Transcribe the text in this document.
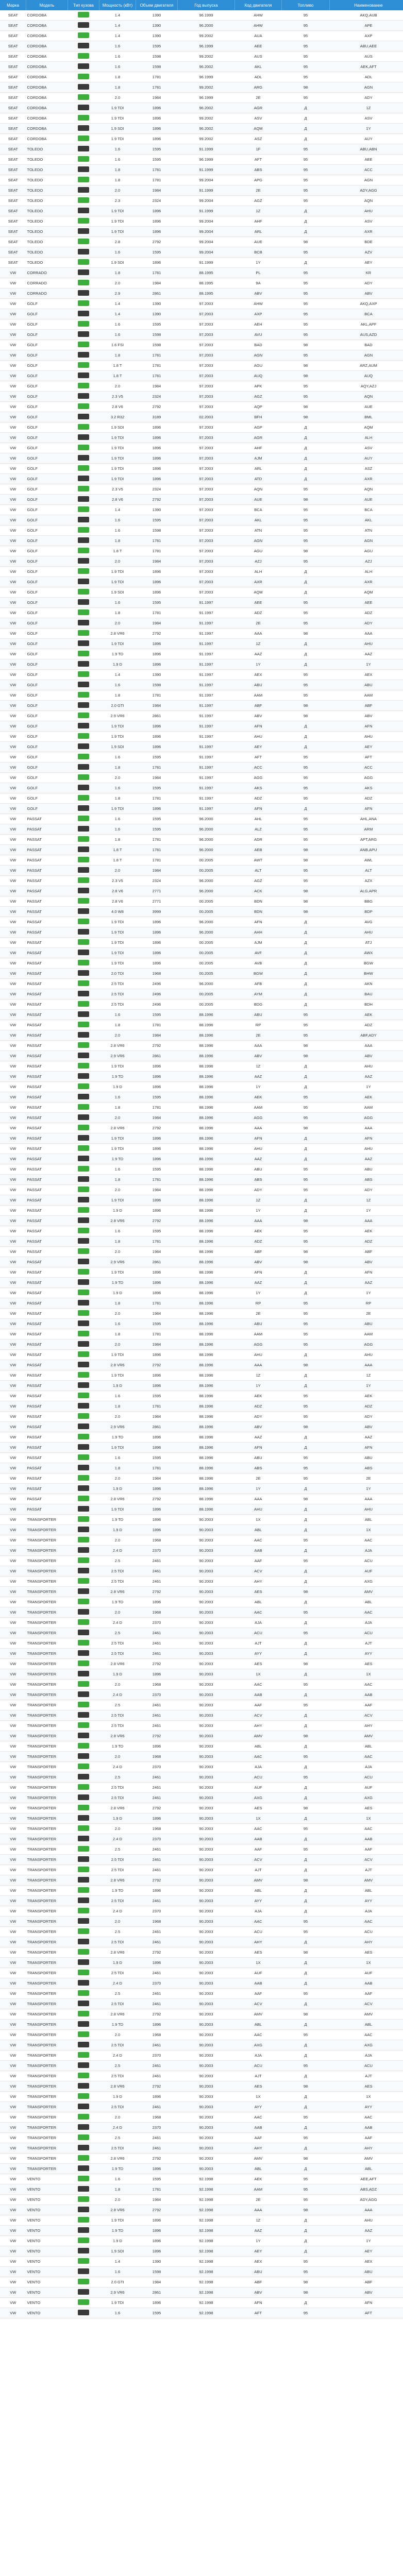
Марка	Модель	Тип кузова	Мощность (кВт)	Объем двигателя	Год выпуска	Код двигателя	Топливо	Наименование
SEAT	CORDOBA		1.4	1390	96.1999	AHW	95	AKQ,AUB
SEAT	CORDOBA		1.4	1390	96.2000	AHW	95	APE
SEAT	CORDOBA		1.4	1390	99.2002	AUA	95	AXP
SEAT	CORDOBA		1.6	1595	96.1999	AEE	95	ABU,AEE
SEAT	CORDOBA		1.6	1598	99.2002	AUS	95	AUS
SEAT	CORDOBA		1.6	1598	96.2002	AKL	95	AEK,AFT
SEAT	CORDOBA		1.8	1781	96.1999	ADL	95	ADL
SEAT	CORDOBA		1.8	1781	99.2002	ARG	98	AGN
SEAT	CORDOBA		2.0	1984	96.1999	2E	95	ADY
SEAT	CORDOBA		1.9 TDI	1896	96.2002	AGR	Д	1Z
SEAT	CORDOBA		1.9 TDI	1896	99.2002	ASV	Д	ASV
SEAT	CORDOBA		1.9 SDI	1896	96.2002	AQM	Д	1Y
SEAT	CORDOBA		1.9 TDI	1896	99.2002	ASZ	Д	AUY
SEAT	TOLEDO		1.6	1595	91.1999	1F	95	ABU,ABN
SEAT	TOLEDO		1.6	1595	96.1999	AFT	95	AEE
SEAT	TOLEDO		1.8	1781	91.1999	ABS	95	ACC
SEAT	TOLEDO		1.8	1781	99.2004	APG	95	AGN
SEAT	TOLEDO		2.0	1984	91.1999	2E	95	ADY,AGG
SEAT	TOLEDO		2.3	2324	99.2004	AGZ	95	AQN
SEAT	TOLEDO		1.9 TDI	1896	91.1999	1Z	Д	AHU
SEAT	TOLEDO		1.9 TDI	1896	99.2004	AHF	Д	ASV
SEAT	TOLEDO		1.9 TDI	1896	99.2004	ARL	Д	AXR
SEAT	TOLEDO		2.8	2792	99.2004	AUE	98	BDE
SEAT	TOLEDO		1.6	1595	99.2004	BCB	95	AZV
SEAT	TOLEDO		1.9 SDI	1896	91.1999	1Y	Д	AEY
VW	CORRADO		1.8	1781	88.1995	PL	95	KR
VW	CORRADO		2.0	1984	88.1995	9A	95	ADY
VW	CORRADO		2.9	2861	88.1995	ABV	95	ABV
VW	GOLF		1.4	1390	97.2003	AHW	95	AKQ,AXP
VW	GOLF		1.4	1390	97.2003	AXP	95	BCA
VW	GOLF		1.6	1595	97.2003	AEH	95	AKL,APF
VW	GOLF		1.6	1598	97.2003	AVU	95	AUS,AZD
VW	GOLF		1.6 FSI	1598	97.2003	BAD	98	BAD
VW	GOLF		1.8	1781	97.2003	AGN	95	AGN
VW	GOLF		1.8 T	1781	97.2003	AGU	98	ARZ,AUM
VW	GOLF		1.8 T	1781	97.2003	AUQ	98	AUQ
VW	GOLF		2.0	1984	97.2003	APK	95	AQY,AZJ
VW	GOLF		2.3 V5	2324	97.2003	AGZ	95	AQN
VW	GOLF		2.8 V6	2792	97.2003	AQP	98	AUE
VW	GOLF		3.2 R32	3189	02.2003	BFH	98	BML
VW	GOLF		1.9 SDI	1896	97.2003	AGP	Д	AQM
VW	GOLF		1.9 TDI	1896	97.2003	AGR	Д	ALH
VW	GOLF		1.9 TDI	1896	97.2003	AHF	Д	ASV
VW	GOLF		1.9 TDI	1896	97.2003	AJM	Д	AUY
VW	GOLF		1.9 TDI	1896	97.2003	ARL	Д	ASZ
VW	GOLF		1.9 TDI	1896	97.2003	ATD	Д	AXR
VW	GOLF		2.3 V5	2324	97.2003	AQN	95	AQN
VW	GOLF		2.8 V6	2792	97.2003	AUE	98	AUE
VW	GOLF		1.4	1390	97.2003	BCA	95	BCA
VW	GOLF		1.6	1595	97.2003	AKL	95	AKL
VW	GOLF		1.6	1598	97.2003	ATN	95	ATN
VW	GOLF		1.8	1781	97.2003	AGN	95	AGN
VW	GOLF		1.8 T	1781	97.2003	AGU	98	AGU
VW	GOLF		2.0	1984	97.2003	AZJ	95	AZJ
VW	GOLF		1.9 TDI	1896	97.2003	ALH	Д	ALH
VW	GOLF		1.9 TDI	1896	97.2003	AXR	Д	AXR
VW	GOLF		1.9 SDI	1896	97.2003	AQM	Д	AQM
VW	GOLF		1.6	1595	91.1997	AEE	95	AEE
VW	GOLF		1.8	1781	91.1997	ADZ	95	ADZ
VW	GOLF		2.0	1984	91.1997	2E	95	ADY
VW	GOLF		2.8 VR6	2792	91.1997	AAA	98	AAA
VW	GOLF		1.9 TDI	1896	91.1997	1Z	Д	AHU
VW	GOLF		1.9 TD	1896	91.1997	AAZ	Д	AAZ
VW	GOLF		1.9 D	1896	91.1997	1Y	Д	1Y
VW	GOLF		1.4	1390	91.1997	AEX	95	AEX
VW	GOLF		1.6	1598	91.1997	ABU	95	ABU
VW	GOLF		1.8	1781	91.1997	AAM	95	AAM
VW	GOLF		2.0 GTI	1984	91.1997	ABF	98	ABF
VW	GOLF		2.9 VR6	2861	91.1997	ABV	98	ABV
VW	GOLF		1.9 TDI	1896	91.1997	AFN	Д	AFN
VW	GOLF		1.9 TDI	1896	91.1997	AHU	Д	AHU
VW	GOLF		1.9 SDI	1896	91.1997	AEY	Д	AEY
VW	GOLF		1.6	1595	91.1997	AFT	95	AFT
VW	GOLF		1.8	1781	91.1997	ACC	95	ACC
VW	GOLF		2.0	1984	91.1997	AGG	95	AGG
VW	GOLF		1.6	1595	91.1997	AKS	95	AKS
VW	GOLF		1.8	1781	91.1997	ADZ	95	ADZ
VW	GOLF		1.9 TDI	1896	91.1997	AFN	Д	AFN
VW	PASSAT		1.6	1595	96.2000	AHL	95	AHL,ANA
VW	PASSAT		1.6	1595	96.2000	ALZ	95	ARM
VW	PASSAT		1.8	1781	96.2000	ADR	95	APT,ARG
VW	PASSAT		1.8 T	1781	96.2000	AEB	98	ANB,APU
VW	PASSAT		1.8 T	1781	00.2005	AWT	98	AWL
VW	PASSAT		2.0	1984	00.2005	ALT	95	ALT
VW	PASSAT		2.3 V5	2324	96.2000	AGZ	95	AZX
VW	PASSAT		2.8 V6	2771	96.2000	ACK	98	ALG,APR
VW	PASSAT		2.8 V6	2771	00.2005	BDN	98	BBG
VW	PASSAT		4.0 W8	3999	00.2005	BDN	98	BDP
VW	PASSAT		1.9 TDI	1896	96.2000	AFN	Д	AVG
VW	PASSAT		1.9 TDI	1896	96.2000	AHH	Д	AHU
VW	PASSAT		1.9 TDI	1896	00.2005	AJM	Д	ATJ
VW	PASSAT		1.9 TDI	1896	00.2005	AVF	Д	AWX
VW	PASSAT		1.9 TDI	1896	00.2005	AVB	Д	BGW
VW	PASSAT		2.0 TDI	1968	00.2005	BGW	Д	BHW
VW	PASSAT		2.5 TDI	2496	96.2000	AFB	Д	AKN
VW	PASSAT		2.5 TDI	2496	00.2005	AYM	Д	BAU
VW	PASSAT		2.5 TDI	2496	00.2005	BDG	Д	BDH
VW	PASSAT		1.6	1595	88.1996	ABU	95	AEK
VW	PASSAT		1.8	1781	88.1996	RP	95	ADZ
VW	PASSAT		2.0	1984	88.1996	2E	95	ABF,ADY
VW	PASSAT		2.8 VR6	2792	88.1996	AAA	98	AAA
VW	PASSAT		2.9 VR6	2861	88.1996	ABV	98	ABV
VW	PASSAT		1.9 TDI	1896	88.1996	1Z	Д	AHU
VW	PASSAT		1.9 TD	1896	88.1996	AAZ	Д	AAZ
VW	PASSAT		1.9 D	1896	88.1996	1Y	Д	1Y
VW	PASSAT		1.6	1595	88.1996	AEK	95	AEK
VW	PASSAT		1.8	1781	88.1996	AAM	95	AAM
VW	PASSAT		2.0	1984	88.1996	AGG	95	AGG
VW	PASSAT		2.8 VR6	2792	88.1996	AAA	98	AAA
VW	PASSAT		1.9 TDI	1896	88.1996	AFN	Д	AFN
VW	PASSAT		1.9 TDI	1896	88.1996	AHU	Д	AHU
VW	PASSAT		1.9 TD	1896	88.1996	AAZ	Д	AAZ
VW	PASSAT		1.6	1595	88.1996	ABU	95	ABU
VW	PASSAT		1.8	1781	88.1996	ABS	95	ABS
VW	PASSAT		2.0	1984	88.1996	ADY	95	ADY
VW	PASSAT		1.9 TDI	1896	88.1996	1Z	Д	1Z
VW	PASSAT		1.9 D	1896	88.1996	1Y	Д	1Y
VW	PASSAT		2.8 VR6	2792	88.1996	AAA	98	AAA
VW	PASSAT		1.6	1595	88.1996	AEK	95	AEK
VW	PASSAT		1.8	1781	88.1996	ADZ	95	ADZ
VW	PASSAT		2.0	1984	88.1996	ABF	98	ABF
VW	PASSAT		2.9 VR6	2861	88.1996	ABV	98	ABV
VW	PASSAT		1.9 TDI	1896	88.1996	AFN	Д	AFN
VW	PASSAT		1.9 TD	1896	88.1996	AAZ	Д	AAZ
VW	PASSAT		1.9 D	1896	88.1996	1Y	Д	1Y
VW	PASSAT		1.8	1781	88.1996	RP	95	RP
VW	PASSAT		2.0	1984	88.1996	2E	95	2E
VW	PASSAT		1.6	1595	88.1996	ABU	95	ABU
VW	PASSAT		1.8	1781	88.1996	AAM	95	AAM
VW	PASSAT		2.0	1984	88.1996	AGG	95	AGG
VW	PASSAT		1.9 TDI	1896	88.1996	AHU	Д	AHU
VW	PASSAT		2.8 VR6	2792	88.1996	AAA	98	AAA
VW	PASSAT		1.9 TDI	1896	88.1996	1Z	Д	1Z
VW	PASSAT		1.9 D	1896	88.1996	1Y	Д	1Y
VW	PASSAT		1.6	1595	88.1996	AEK	95	AEK
VW	PASSAT		1.8	1781	88.1996	ADZ	95	ADZ
VW	PASSAT		2.0	1984	88.1996	ADY	95	ADY
VW	PASSAT		2.9 VR6	2861	88.1996	ABV	98	ABV
VW	PASSAT		1.9 TD	1896	88.1996	AAZ	Д	AAZ
VW	PASSAT		1.9 TDI	1896	88.1996	AFN	Д	AFN
VW	PASSAT		1.6	1595	88.1996	ABU	95	ABU
VW	PASSAT		1.8	1781	88.1996	ABS	95	ABS
VW	PASSAT		2.0	1984	88.1996	2E	95	2E
VW	PASSAT		1.9 D	1896	88.1996	1Y	Д	1Y
VW	PASSAT		2.8 VR6	2792	88.1996	AAA	98	AAA
VW	PASSAT		1.9 TDI	1896	88.1996	AHU	Д	AHU
VW	TRANSPORTER		1.9 TD	1896	90.2003	1X	Д	ABL
VW	TRANSPORTER		1.9 D	1896	90.2003	ABL	Д	1X
VW	TRANSPORTER		2.0	1968	90.2003	AAC	95	AAC
VW	TRANSPORTER		2.4 D	2370	90.2003	AAB	Д	AJA
VW	TRANSPORTER		2.5	2461	90.2003	AAF	95	ACU
VW	TRANSPORTER		2.5 TDI	2461	90.2003	ACV	Д	AUF
VW	TRANSPORTER		2.5 TDI	2461	90.2003	AHY	Д	AXG
VW	TRANSPORTER		2.8 VR6	2792	90.2003	AES	98	AMV
VW	TRANSPORTER		1.9 TD	1896	90.2003	ABL	Д	ABL
VW	TRANSPORTER		2.0	1968	90.2003	AAC	95	AAC
VW	TRANSPORTER		2.4 D	2370	90.2003	AJA	Д	AJA
VW	TRANSPORTER		2.5	2461	90.2003	ACU	95	ACU
VW	TRANSPORTER		2.5 TDI	2461	90.2003	AJT	Д	AJT
VW	TRANSPORTER		2.5 TDI	2461	90.2003	AYY	Д	AYY
VW	TRANSPORTER		2.8 VR6	2792	90.2003	AES	98	AES
VW	TRANSPORTER		1.9 D	1896	90.2003	1X	Д	1X
VW	TRANSPORTER		2.0	1968	90.2003	AAC	95	AAC
VW	TRANSPORTER		2.4 D	2370	90.2003	AAB	Д	AAB
VW	TRANSPORTER		2.5	2461	90.2003	AAF	95	AAF
VW	TRANSPORTER		2.5 TDI	2461	90.2003	ACV	Д	ACV
VW	TRANSPORTER		2.5 TDI	2461	90.2003	AHY	Д	AHY
VW	TRANSPORTER		2.8 VR6	2792	90.2003	AMV	98	AMV
VW	TRANSPORTER		1.9 TD	1896	90.2003	ABL	Д	ABL
VW	TRANSPORTER		2.0	1968	90.2003	AAC	95	AAC
VW	TRANSPORTER		2.4 D	2370	90.2003	AJA	Д	AJA
VW	TRANSPORTER		2.5	2461	90.2003	ACU	95	ACU
VW	TRANSPORTER		2.5 TDI	2461	90.2003	AUF	Д	AUF
VW	TRANSPORTER		2.5 TDI	2461	90.2003	AXG	Д	AXG
VW	TRANSPORTER		2.8 VR6	2792	90.2003	AES	98	AES
VW	TRANSPORTER		1.9 D	1896	90.2003	1X	Д	1X
VW	TRANSPORTER		2.0	1968	90.2003	AAC	95	AAC
VW	TRANSPORTER		2.4 D	2370	90.2003	AAB	Д	AAB
VW	TRANSPORTER		2.5	2461	90.2003	AAF	95	AAF
VW	TRANSPORTER		2.5 TDI	2461	90.2003	ACV	Д	ACV
VW	TRANSPORTER		2.5 TDI	2461	90.2003	AJT	Д	AJT
VW	TRANSPORTER		2.8 VR6	2792	90.2003	AMV	98	AMV
VW	TRANSPORTER		1.9 TD	1896	90.2003	ABL	Д	ABL
VW	TRANSPORTER		2.5 TDI	2461	90.2003	AYY	Д	AYY
VW	TRANSPORTER		2.4 D	2370	90.2003	AJA	Д	AJA
VW	TRANSPORTER		2.0	1968	90.2003	AAC	95	AAC
VW	TRANSPORTER		2.5	2461	90.2003	ACU	95	ACU
VW	TRANSPORTER		2.5 TDI	2461	90.2003	AHY	Д	AHY
VW	TRANSPORTER		2.8 VR6	2792	90.2003	AES	98	AES
VW	TRANSPORTER		1.9 D	1896	90.2003	1X	Д	1X
VW	TRANSPORTER		2.5 TDI	2461	90.2003	AUF	Д	AUF
VW	TRANSPORTER		2.4 D	2370	90.2003	AAB	Д	AAB
VW	TRANSPORTER		2.5	2461	90.2003	AAF	95	AAF
VW	TRANSPORTER		2.5 TDI	2461	90.2003	ACV	Д	ACV
VW	TRANSPORTER		2.8 VR6	2792	90.2003	AMV	98	AMV
VW	TRANSPORTER		1.9 TD	1896	90.2003	ABL	Д	ABL
VW	TRANSPORTER		2.0	1968	90.2003	AAC	95	AAC
VW	TRANSPORTER		2.5 TDI	2461	90.2003	AXG	Д	AXG
VW	TRANSPORTER		2.4 D	2370	90.2003	AJA	Д	AJA
VW	TRANSPORTER		2.5	2461	90.2003	ACU	95	ACU
VW	TRANSPORTER		2.5 TDI	2461	90.2003	AJT	Д	AJT
VW	TRANSPORTER		2.8 VR6	2792	90.2003	AES	98	AES
VW	TRANSPORTER		1.9 D	1896	90.2003	1X	Д	1X
VW	TRANSPORTER		2.5 TDI	2461	90.2003	AYY	Д	AYY
VW	TRANSPORTER		2.0	1968	90.2003	AAC	95	AAC
VW	TRANSPORTER		2.4 D	2370	90.2003	AAB	Д	AAB
VW	TRANSPORTER		2.5	2461	90.2003	AAF	95	AAF
VW	TRANSPORTER		2.5 TDI	2461	90.2003	AHY	Д	AHY
VW	TRANSPORTER		2.8 VR6	2792	90.2003	AMV	98	AMV
VW	TRANSPORTER		1.9 TD	1896	90.2003	ABL	Д	ABL
VW	VENTO		1.6	1595	92.1998	AEK	95	AEE,AFT
VW	VENTO		1.8	1781	92.1998	AAM	95	ABS,ADZ
VW	VENTO		2.0	1984	92.1998	2E	95	ADY,AGG
VW	VENTO		2.8 VR6	2792	92.1998	AAA	98	AAA
VW	VENTO		1.9 TDI	1896	92.1998	1Z	Д	AHU
VW	VENTO		1.9 TD	1896	92.1998	AAZ	Д	AAZ
VW	VENTO		1.9 D	1896	92.1998	1Y	Д	1Y
VW	VENTO		1.9 SDI	1896	92.1998	AEY	Д	AEY
VW	VENTO		1.4	1390	92.1998	AEX	95	AEX
VW	VENTO		1.6	1598	92.1998	ABU	95	ABU
VW	VENTO		2.0 GTI	1984	92.1998	ABF	98	ABF
VW	VENTO		2.9 VR6	2861	92.1998	ABV	98	ABV
VW	VENTO		1.9 TDI	1896	92.1998	AFN	Д	AFN
VW	VENTO		1.6	1595	92.1998	AFT	95	AFT
